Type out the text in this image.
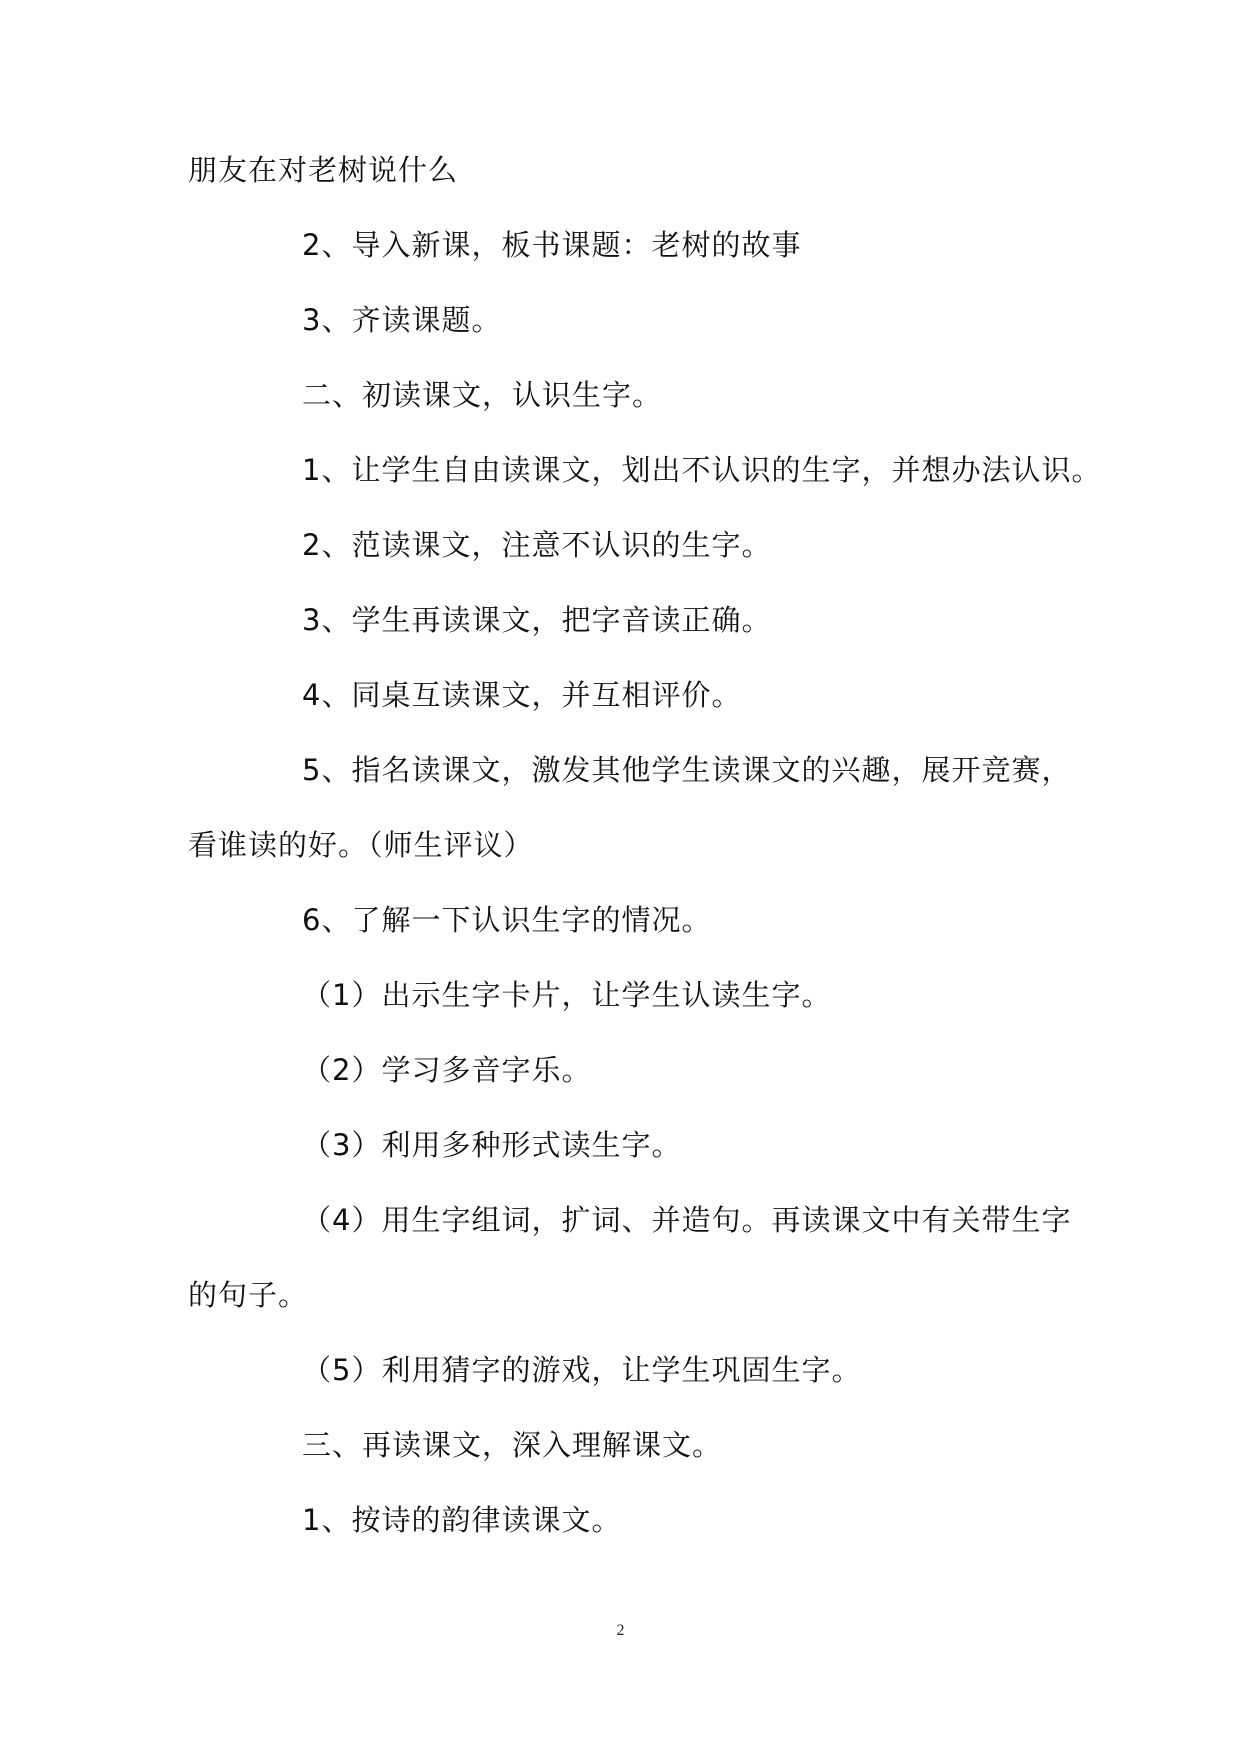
朋友在对老树说什么
2、导入新课，板书课题：老树的故事
3、齐读课题。
二、初读课文，认识生字。
1、让学生自由读课文，划出不认识的生字，并想办法认识。
2、范读课文，注意不认识的生字。
3、学生再读课文，把字音读正确。
4、同桌互读课文，并互相评价。
5、指名读课文，激发其他学生读课文的兴趣，展开竞赛，
看谁读的好。（师生评议）
6、了解一下认识生字的情况。
（1）出示生字卡片，让学生认读生字。
（2）学习多音字乐。
（3）利用多种形式读生字。
（4）用生字组词，扩词、并造句。再读课文中有关带生字
的句子。
（5）利用猜字的游戏，让学生巩固生字。
三、再读课文，深入理解课文。
1、按诗的韵律读课文。
2
